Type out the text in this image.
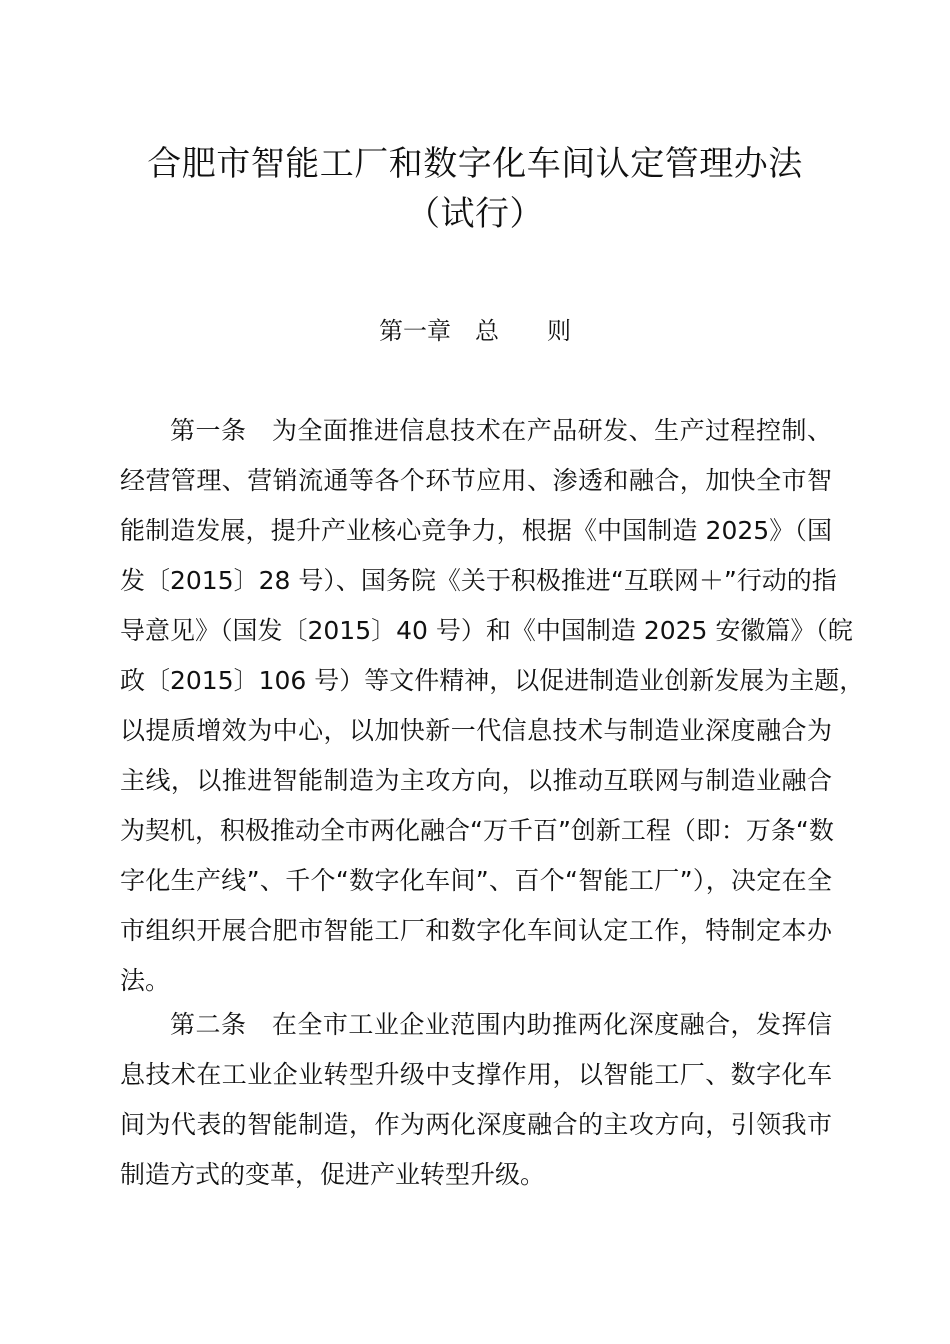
合肥市智能工厂和数字化车间认定管理办法
（试行）
第一章　总　　则
第一条　为全面推进信息技术在产品研发、生产过程控制、
经营管理、营销流通等各个环节应用、渗透和融合，加快全市智
能制造发展，提升产业核心竞争力，根据《中国制造 2025》（国
发〔2015〕28 号）、国务院《关于积极推进“互联网＋”行动的指
导意见》（国发〔2015〕40 号）和《中国制造 2025 安徽篇》（皖
政〔2015〕106 号）等文件精神，以促进制造业创新发展为主题，
以提质增效为中心，以加快新一代信息技术与制造业深度融合为
主线，以推进智能制造为主攻方向，以推动互联网与制造业融合
为契机，积极推动全市两化融合“万千百”创新工程（即：万条“数
字化生产线”、千个“数字化车间”、百个“智能工厂”），决定在全
市组织开展合肥市智能工厂和数字化车间认定工作，特制定本办
法。
第二条　在全市工业企业范围内助推两化深度融合，发挥信
息技术在工业企业转型升级中支撑作用，以智能工厂、数字化车
间为代表的智能制造，作为两化深度融合的主攻方向，引领我市
制造方式的变革，促进产业转型升级。
